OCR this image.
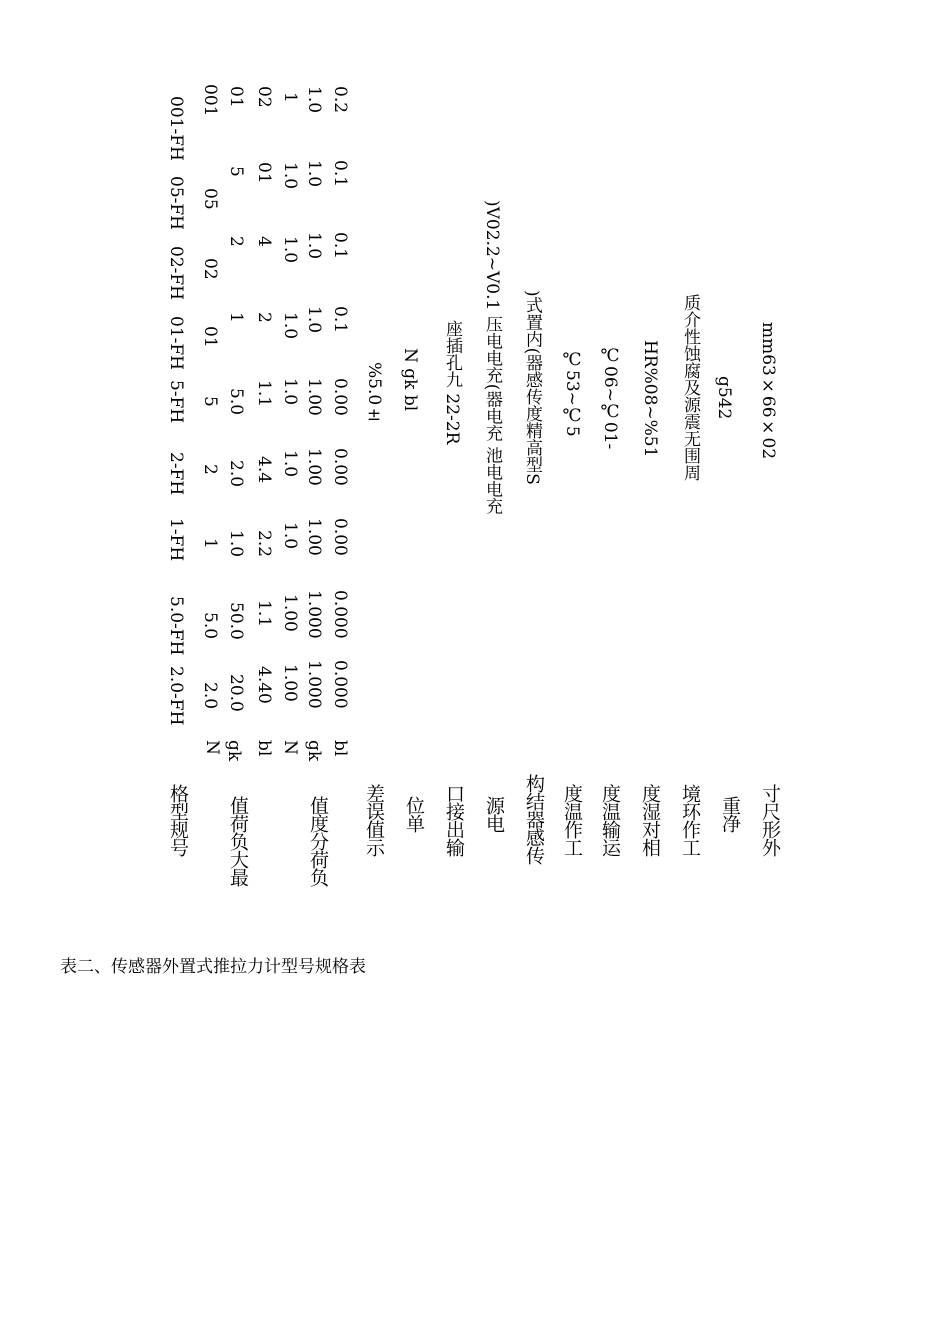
格型规号 值荷负大最	值度分荷负 差误值示 位单 口接出输 源电 构结器感传 度温作工 度温输运 度湿对相 境环作工 重净 寸尺形外
N gk bl N gk bl
001-FH 001 01 02 1 1.0 0.2
05-FH 05
5 01 1.0 1.0 0.1
02-FH 02
2 4 1.0 1.0 0.1
01-FH 01
1 2 1.0 1.0 0.1
5-FH 5 5.0 1.1 1.0 1.00 0.00
2-FH 2 2.0 4.4 1.0 1.00 0.00
1-FH 1 1.0 2.2 1.0 1.00 0.00
5.0-FH 5.0 50.0 1.1 1.00 1.000 0.000
2.0-FH 2.0 20.0 4.40 1.00 1.000 0.000
%5.0± N gk bl 座插孔九 22-2R )V02.2~V0.1 压电电充(器电充 池电电充 )式置内(器感传度精高型S ℃53~℃5 ℃06~℃01- HR%08~%51 质介性蚀腐及源震无围周 g542 mm63×66×02
表二、传感器外置式推拉力计型号规格表
